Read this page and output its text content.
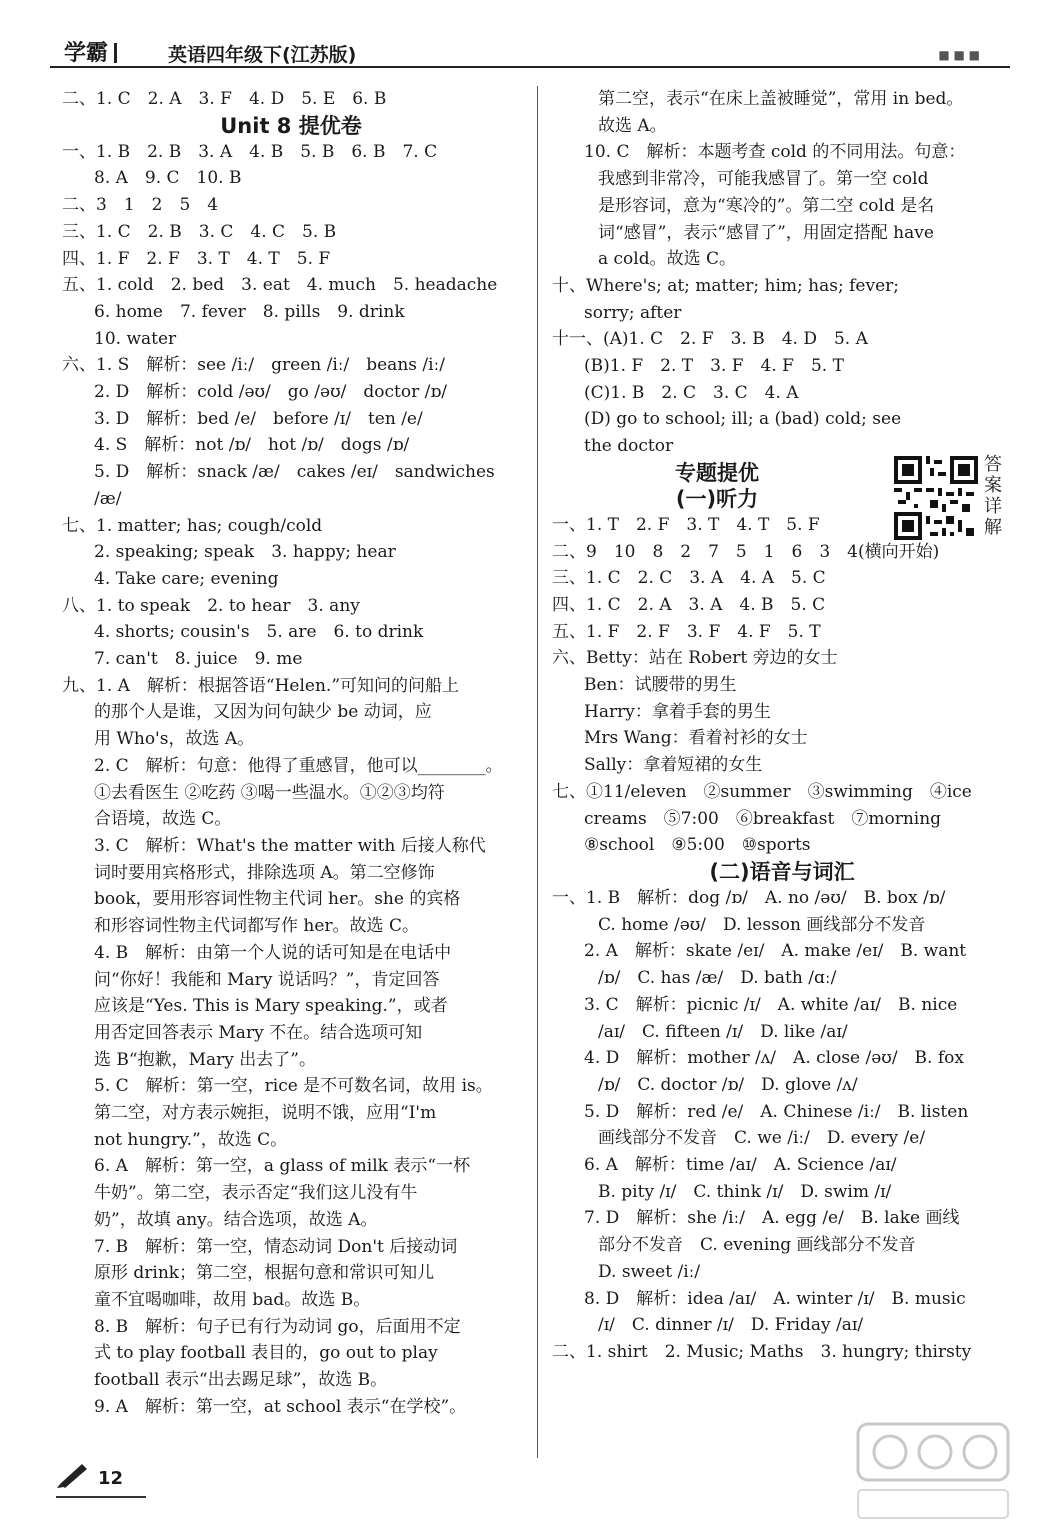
学霸	英语四年级下(江苏版)	■ ■ ■
二、1. C　2. A　3. F　4. D　5. E　6. B
Unit 8 提优卷
一、1. B　2. B　3. A　4. B　5. B　6. B　7. C
8. A　9. C　10. B
二、3　1　2　5　4
三、1. C　2. B　3. C　4. C　5. B
四、1. F　2. F　3. T　4. T　5. F
五、1. cold　2. bed　3. eat　4. much　5. headache
6. home　7. fever　8. pills　9. drink
10. water
六、1. S　解析：see /iː/　green /iː/　beans /iː/
2. D　解析：cold /əʊ/　go /əʊ/　doctor /ɒ/
3. D　解析：bed /e/　before /ɪ/　ten /e/
4. S　解析：not /ɒ/　hot /ɒ/　dogs /ɒ/
5. D　解析：snack /æ/　cakes /eɪ/　sandwiches
/æ/
七、1. matter; has; cough/cold
2. speaking; speak　3. happy; hear
4. Take care; evening
八、1. to speak　2. to hear　3. any
4. shorts; cousin's　5. are　6. to drink
7. can't　8. juice　9. me
九、1. A　解析：根据答语“Helen.”可知问的问船上
的那个人是谁，又因为问句缺少 be 动词，应
用 Who's，故选 A。
2. C　解析：句意：他得了重感冒，他可以________。
①去看医生 ②吃药 ③喝一些温水。①②③均符
合语境，故选 C。
3. C　解析：What's the matter with 后接人称代
词时要用宾格形式，排除选项 A。第二空修饰
book，要用形容词性物主代词 her。she 的宾格
和形容词性物主代词都写作 her。故选 C。
4. B　解析：由第一个人说的话可知是在电话中
问“你好！我能和 Mary 说话吗？”，肯定回答
应该是“Yes. This is Mary speaking.”，或者
用否定回答表示 Mary 不在。结合选项可知
选 B“抱歉，Mary 出去了”。
5. C　解析：第一空，rice 是不可数名词，故用 is。
第二空，对方表示婉拒，说明不饿，应用“I'm
not hungry.”，故选 C。
6. A　解析：第一空，a glass of milk 表示“一杯
牛奶”。第二空，表示否定“我们这儿没有牛
奶”，故填 any。结合选项，故选 A。
7. B　解析：第一空，情态动词 Don't 后接动词
原形 drink；第二空，根据句意和常识可知儿
童不宜喝咖啡，故用 bad。故选 B。
8. B　解析：句子已有行为动词 go，后面用不定
式 to play football 表目的，go out to play
football 表示“出去踢足球”，故选 B。
9. A　解析：第一空，at school 表示“在学校”。
第二空，表示“在床上盖被睡觉”，常用 in bed。
故选 A。
10. C　解析：本题考查 cold 的不同用法。句意：
我感到非常冷，可能我感冒了。第一空 cold
是形容词，意为“寒冷的”。第二空 cold 是名
词“感冒”，表示“感冒了”，用固定搭配 have
a cold。故选 C。
十、Where's; at; matter; him; has; fever;
sorry; after
十一、(A)1. C　2. F　3. B　4. D　5. A
(B)1. F　2. T　3. F　4. F　5. T
(C)1. B　2. C　3. C　4. A
(D) go to school; ill; a (bad) cold; see
the doctor
专题提优
(一)听力
一、1. T　2. F　3. T　4. T　5. F
二、9　10　8　2　7　5　1　6　3　4(横向开始)
三、1. C　2. C　3. A　4. A　5. C
四、1. C　2. A　3. A　4. B　5. C
五、1. F　2. F　3. F　4. F　5. T
六、Betty：站在 Robert 旁边的女士
Ben：试腰带的男生
Harry：拿着手套的男生
Mrs Wang：看着衬衫的女士
Sally：拿着短裙的女生
七、①11/eleven　②summer　③swimming　④ice
creams　⑤7:00　⑥breakfast　⑦morning
⑧school　⑨5:00　⑩sports
(二)语音与词汇
一、1. B　解析：dog /ɒ/　A. no /əʊ/　B. box /ɒ/
C. home /əʊ/　D. lesson 画线部分不发音
2. A　解析：skate /eɪ/　A. make /eɪ/　B. want
/ɒ/　C. has /æ/　D. bath /ɑː/
3. C　解析：picnic /ɪ/　A. white /aɪ/　B. nice
/aɪ/　C. fifteen /ɪ/　D. like /aɪ/
4. D　解析：mother /ʌ/　A. close /əʊ/　B. fox
/ɒ/　C. doctor /ɒ/　D. glove /ʌ/
5. D　解析：red /e/　A. Chinese /iː/　B. listen
画线部分不发音　C. we /iː/　D. every /e/
6. A　解析：time /aɪ/　A. Science /aɪ/
B. pity /ɪ/　C. think /ɪ/　D. swim /ɪ/
7. D　解析：she /iː/　A. egg /e/　B. lake 画线
部分不发音　C. evening 画线部分不发音
D. sweet /iː/
8. D　解析：idea /aɪ/　A. winter /ɪ/　B. music
/ɪ/　C. dinner /ɪ/　D. Friday /aɪ/
二、1. shirt　2. Music; Maths　3. hungry; thirsty
答案详解
12
